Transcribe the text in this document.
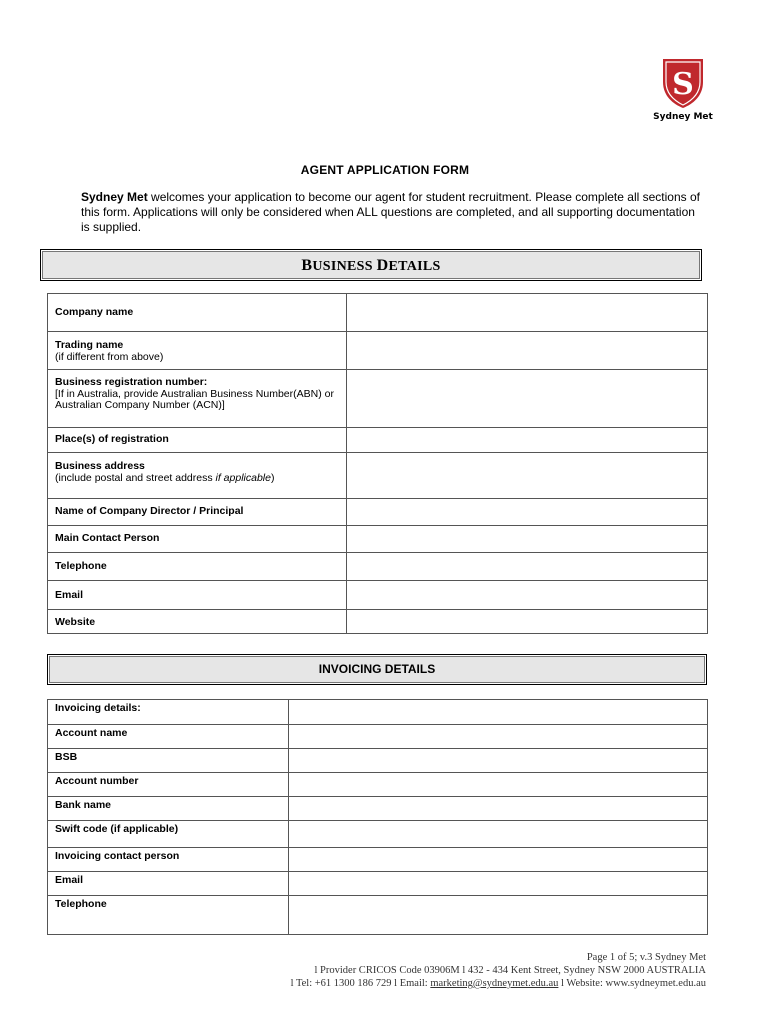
S
Sydney Met
AGENT APPLICATION FORM
Sydney Met welcomes your application to become our agent for student recruitment. Please complete all sections of this form. Applications will only be considered when ALL questions are completed, and all supporting documentation is supplied.
BUSINESS DETAILS
Company name	

Trading name
(if different from above)	

Business registration number:
[If in Australia, provide Australian Business Number(ABN) or Australian Company Number (ACN)]	

Place(s) of registration	

Business address
(include postal and street address if applicable)	

Name of Company Director / Principal	

Main Contact Person	

Telephone	

Email	

Website	

INVOICING DETAILS
Invoicing details:	

Account name	

BSB	

Account number	

Bank name	

Swift code (if applicable)	

Invoicing contact person	

Email	

Telephone	

Page 1 of 5; v.3 Sydney Met
l Provider CRICOS Code 03906M l 432 - 434 Kent Street, Sydney NSW 2000 AUSTRALIA
l Tel: +61 1300 186 729 l Email: marketing@sydneymet.edu.au l Website: www.sydneymet.edu.au
